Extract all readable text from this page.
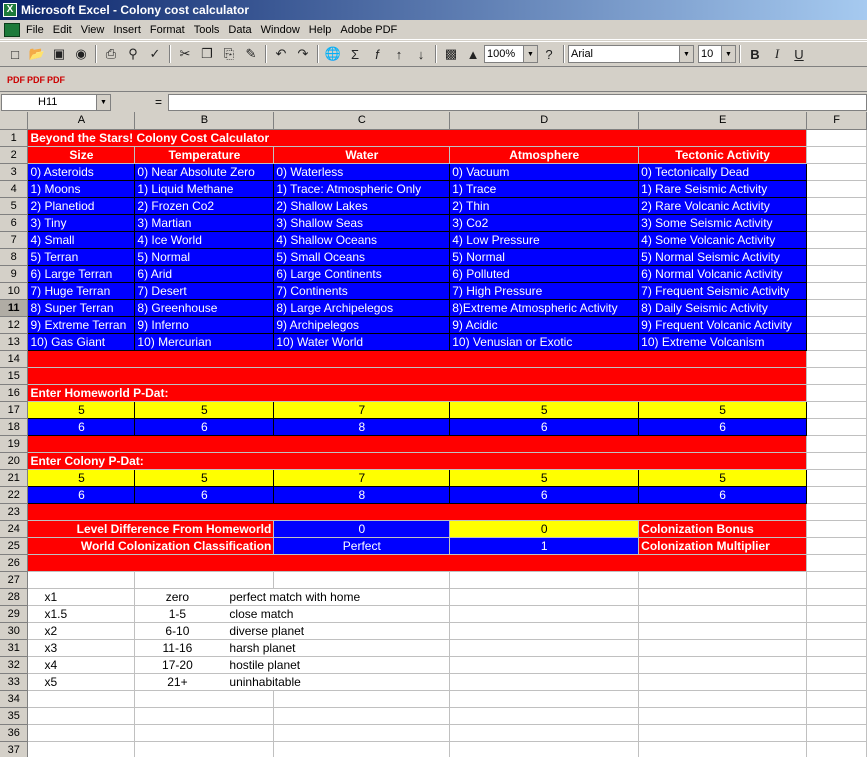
X Microsoft Excel - Colony cost calculator
File Edit View Insert Format Tools Data Window Help Adobe PDF
□ 📂 ▣ ◉	⎙ ⚲ ✓	✂ ❐ ⎘ ✎	↶ ↷	🌐 Σ	f	↑	↓	▩ ▲ 100%	▼ ?	Arial	▼ 10	▼	B	I	U
PDF PDF PDF
H11	▼	=
	A	B	C	D	E	F
1	Beyond the Stars! Colony Cost Calculator					
2	Size	Temperature	Water	Atmosphere	Tectonic Activity	
3	0) Asteroids	0) Near Absolute Zero	0) Waterless	0) Vacuum	0) Tectonically Dead	
4	1) Moons	1) Liquid Methane	1) Trace: Atmospheric Only	1) Trace	1) Rare Seismic Activity	
5	2) Planetiod	2) Frozen Co2	2) Shallow Lakes	2) Thin	2) Rare Volcanic Activity	
6	3) Tiny	3) Martian	3) Shallow Seas	3) Co2	3) Some Seismic Activity	
7	4) Small	4) Ice World	4) Shallow Oceans	4) Low Pressure	4) Some Volcanic Activity	
8	5) Terran	5) Normal	5) Small Oceans	5) Normal	5) Normal Seismic Activity	
9	6) Large Terran	6) Arid	6) Large Continents	6) Polluted	6) Normal Volcanic Activity	
10	7) Huge Terran	7) Desert	7) Continents	7) High Pressure	7) Frequent Seismic Activity	
11	8) Super Terran	8) Greenhouse	8) Large Archipelegos	8)Extreme Atmospheric Activity	8) Daily Seismic Activity	
12	9) Extreme Terran	9) Inferno	9) Archipelegos	9) Acidic	9) Frequent Volcanic Activity	
13	10) Gas Giant	10) Mercurian	10) Water World	10) Venusian or Exotic	10) Extreme Volcanism	
14						
15						
16	Enter Homeworld P-Dat:					
17	5	5	7	5	5	
18	6	6	8	6	6	
19						
20	Enter Colony P-Dat:					
21	5	5	7	5	5	
22	6	6	8	6	6	
23						
24	Level Difference From Homeworld		0	0	Colonization Bonus	
25	World Colonization Classification		Perfect	1	Colonization Multiplier	
26						
27						
28	x1	zero perfect match with home				
29	x1.5	1-5 close match				
30	x2	6-10 diverse planet				
31	x3	11-16 harsh planet				
32	x4	17-20 hostile planet				
33	x5	21+ uninhabitable				
34						
35						
36						
37						
